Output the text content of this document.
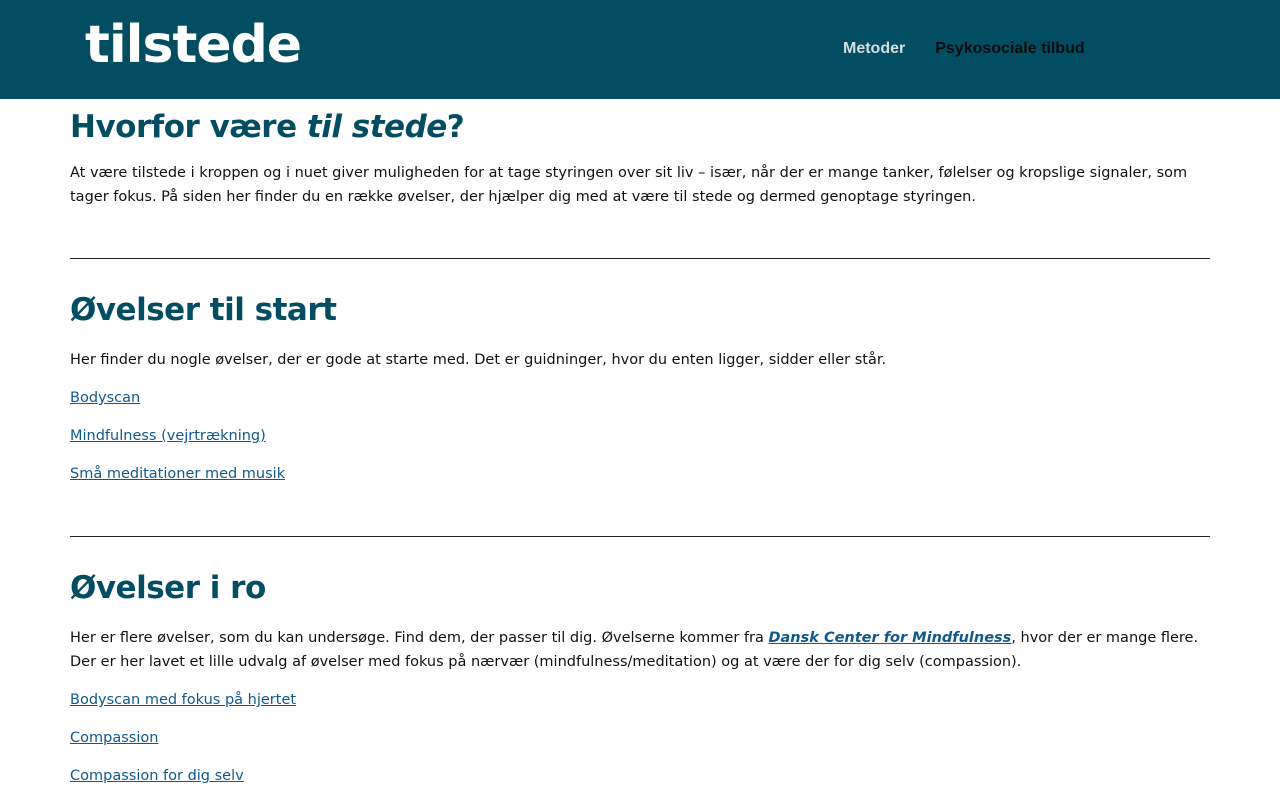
tilstede	Metoder Psykosociale tilbud
Hvorfor være til stede?

At være tilstede i kroppen og i nuet giver muligheden for at tage styringen over sit liv – især, når der er mange tanker, følelser og kropslige signaler, som tager fokus. På siden her finder du en række øvelser, der hjælper dig med at være til stede og dermed genoptage styringen.

Øvelser til start

Her finder du nogle øvelser, der er gode at starte med. Det er guidninger, hvor du enten ligger, sidder eller står.

Bodyscan
Mindfulness (vejrtrækning)
Små meditationer med musik
Øvelser i ro

Her er flere øvelser, som du kan undersøge. Find dem, der passer til dig. Øvelserne kommer fra Dansk Center for Mindfulness, hvor der er mange flere. Der er her lavet et lille udvalg af øvelser med fokus på nærvær (mindfulness/meditation) og at være der for dig selv (compassion).

Bodyscan med fokus på hjertet
Compassion
Compassion for dig selv
